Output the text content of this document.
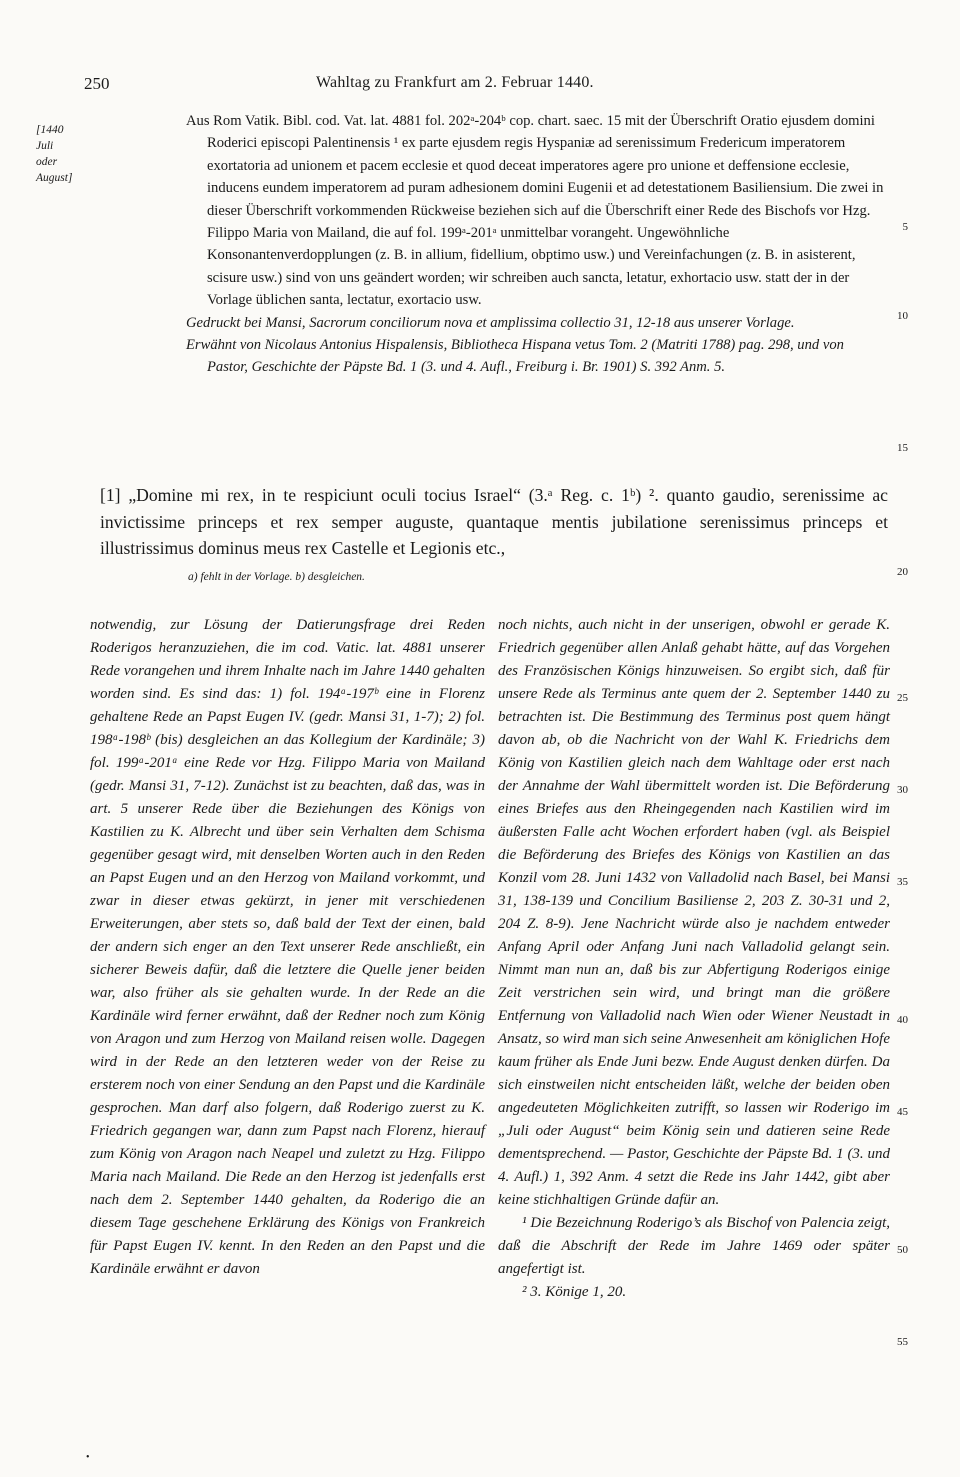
250	Wahltag zu Frankfurt am 2. Februar 1440.
[1440
Juli
oder
August]

Aus Rom Vatik. Bibl. cod. Vat. lat. 4881 fol. 202ᵃ-204ᵇ cop. chart. saec. 15 mit der Überschrift Oratio ejusdem domini Roderici episcopi Palentinensis ¹ ex parte ejusdem regis Hyspaniæ ad serenissimum Fredericum imperatorem exortatoria ad unionem et pacem ecclesie et quod deceat imperatores agere pro unione et deffensione ecclesie, inducens eundem imperatorem ad puram adhesionem domini Eugenii et ad detestationem Basiliensium. Die zwei in dieser Überschrift vorkommenden Rückweise beziehen sich auf die Überschrift einer Rede des Bischofs vor Hzg. Filippo Maria von Mailand, die auf fol. 199ᵃ-201ᵃ unmittelbar vorangeht. Ungewöhnliche Konsonantenverdopplungen (z. B. in allium, fidellium, obptimo usw.) und Vereinfachungen (z. B. in asisterent, scisure usw.) sind von uns geändert worden; wir schreiben auch sancta, letatur, exhortacio usw. statt der in der Vorlage üblichen santa, lectatur, exortacio usw.

Gedruckt bei Mansi, Sacrorum conciliorum nova et amplissima collectio 31, 12-18 aus unserer Vorlage.

Erwähnt von Nicolaus Antonius Hispalensis, Bibliotheca Hispana vetus Tom. 2 (Matriti 1788) pag. 298, und von Pastor, Geschichte der Päpste Bd. 1 (3. und 4. Aufl., Freiburg i. Br. 1901) S. 392 Anm. 5.

5
10
15
20
25
30
35
40
45
50
55

[1] „Domine mi rex, in te respiciunt oculi tocius Israel“ (3.ᵃ Reg. c. 1ᵇ) ². quanto gaudio, serenissime ac invictissime princeps et rex semper auguste, quantaque mentis jubilatione serenissimus princeps et illustrissimus dominus meus rex Castelle et Legionis etc.,

a) fehlt in der Vorlage. b) desgleichen.

notwendig, zur Lösung der Datierungsfrage drei Reden Roderigos heranzuziehen, die im cod. Vatic. lat. 4881 unserer Rede vorangehen und ihrem Inhalte nach im Jahre 1440 gehalten worden sind. Es sind das: 1) fol. 194ᵃ-197ᵇ eine in Florenz gehaltene Rede an Papst Eugen IV. (gedr. Mansi 31, 1-7); 2) fol. 198ᵃ-198ᵇ (bis) desgleichen an das Kollegium der Kardinäle; 3) fol. 199ᵃ-201ᵃ eine Rede vor Hzg. Filippo Maria von Mailand (gedr. Mansi 31, 7-12). Zunächst ist zu beachten, daß das, was in art. 5 unserer Rede über die Beziehungen des Königs von Kastilien zu K. Albrecht und über sein Verhalten dem Schisma gegenüber gesagt wird, mit denselben Worten auch in den Reden an Papst Eugen und an den Herzog von Mailand vorkommt, und zwar in dieser etwas gekürzt, in jener mit verschiedenen Erweiterungen, aber stets so, daß bald der Text der einen, bald der andern sich enger an den Text unserer Rede anschließt, ein sicherer Beweis dafür, daß die letztere die Quelle jener beiden war, also früher als sie gehalten wurde. In der Rede an die Kardinäle wird ferner erwähnt, daß der Redner noch zum König von Aragon und zum Herzog von Mailand reisen wolle. Dagegen wird in der Rede an den letzteren weder von der Reise zu ersterem noch von einer Sendung an den Papst und die Kardinäle gesprochen. Man darf also folgern, daß Roderigo zuerst zu K. Friedrich gegangen war, dann zum Papst nach Florenz, hierauf zum König von Aragon nach Neapel und zuletzt zu Hzg. Filippo Maria nach Mailand. Die Rede an den Herzog ist jedenfalls erst nach dem 2. September 1440 gehalten, da Roderigo die an diesem Tage geschehene Erklärung des Königs von Frankreich für Papst Eugen IV. kennt. In den Reden an den Papst und die Kardinäle erwähnt er davon

noch nichts, auch nicht in der unserigen, obwohl er gerade K. Friedrich gegenüber allen Anlaß gehabt hätte, auf das Vorgehen des Französischen Königs hinzuweisen. So ergibt sich, daß für unsere Rede als Terminus ante quem der 2. September 1440 zu betrachten ist. Die Bestimmung des Terminus post quem hängt davon ab, ob die Nachricht von der Wahl K. Friedrichs dem König von Kastilien gleich nach dem Wahltage oder erst nach der Annahme der Wahl übermittelt worden ist. Die Beförderung eines Briefes aus den Rheingegenden nach Kastilien wird im äußersten Falle acht Wochen erfordert haben (vgl. als Beispiel die Beförderung des Briefes des Königs von Kastilien an das Konzil vom 28. Juni 1432 von Valladolid nach Basel, bei Mansi 31, 138-139 und Concilium Basiliense 2, 203 Z. 30-31 und 2, 204 Z. 8-9). Jene Nachricht würde also je nachdem entweder Anfang April oder Anfang Juni nach Valladolid gelangt sein. Nimmt man nun an, daß bis zur Abfertigung Roderigos einige Zeit verstrichen sein wird, und bringt man die größere Entfernung von Valladolid nach Wien oder Wiener Neustadt in Ansatz, so wird man sich seine Anwesenheit am königlichen Hofe kaum früher als Ende Juni bezw. Ende August denken dürfen. Da sich einstweilen nicht entscheiden läßt, welche der beiden oben angedeuteten Möglichkeiten zutrifft, so lassen wir Roderigo im „Juli oder August“ beim König sein und datieren seine Rede dementsprechend. — Pastor, Geschichte der Päpste Bd. 1 (3. und 4. Aufl.) 1, 392 Anm. 4 setzt die Rede ins Jahr 1442, gibt aber keine stichhaltigen Gründe dafür an.

¹ Die Bezeichnung Roderigo’s als Bischof von Palencia zeigt, daß die Abschrift der Rede im Jahre 1469 oder später angefertigt ist.

² 3. Könige 1, 20.

•
